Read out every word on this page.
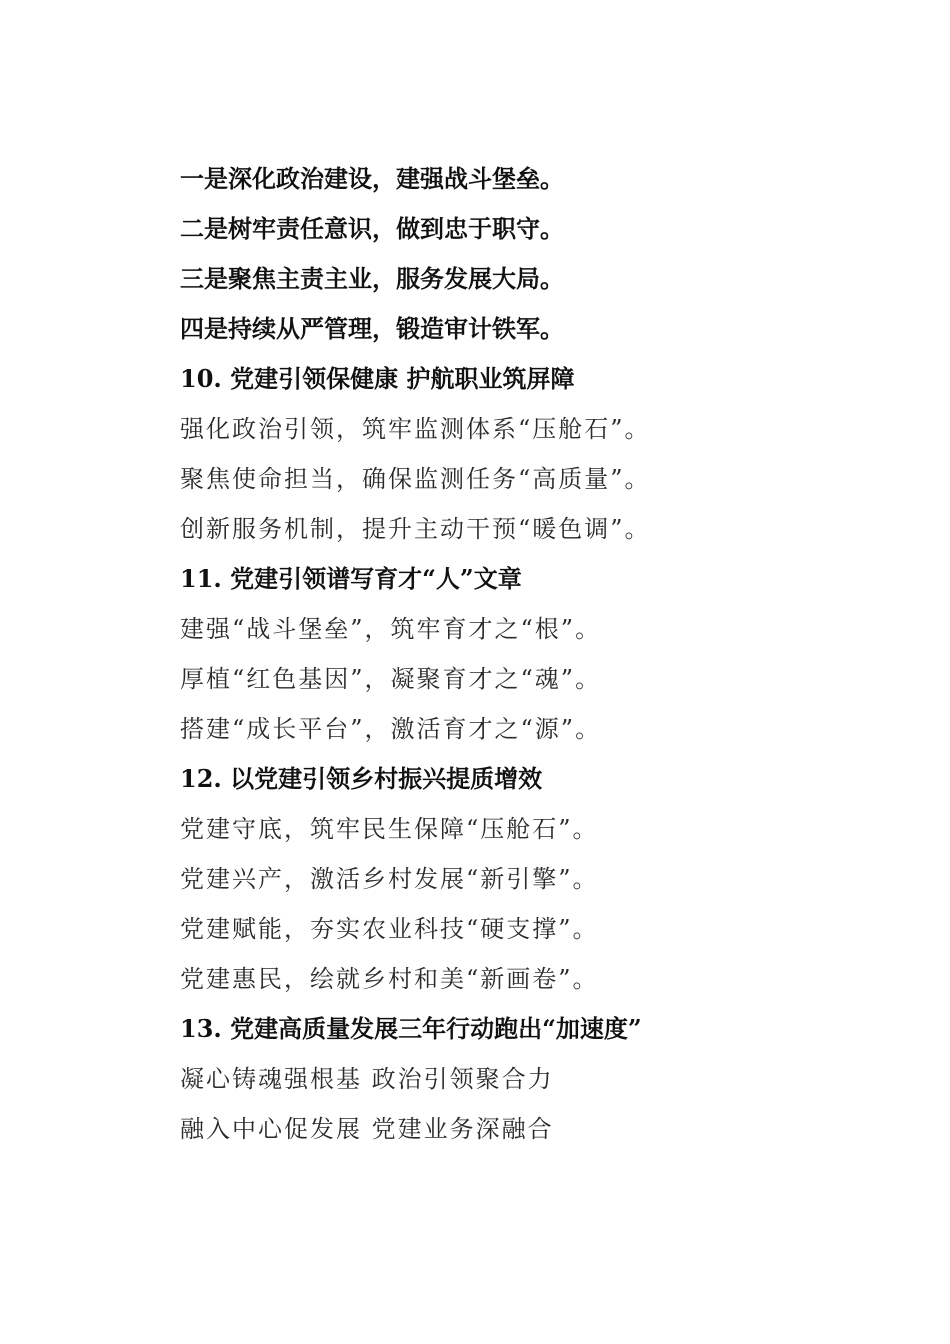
一是深化政治建设，建强战斗堡垒。
二是树牢责任意识，做到忠于职守。
三是聚焦主责主业，服务发展大局。
四是持续从严管理，锻造审计铁军。
10. 党建引领保健康 护航职业筑屏障
强化政治引领，筑牢监测体系“压舱石”。
聚焦使命担当，确保监测任务“高质量”。
创新服务机制，提升主动干预“暖色调”。
11. 党建引领谱写育才“人”文章
建强“战斗堡垒”，筑牢育才之“根”。
厚植“红色基因”，凝聚育才之“魂”。
搭建“成长平台”，激活育才之“源”。
12. 以党建引领乡村振兴提质增效
党建守底，筑牢民生保障“压舱石”。
党建兴产，激活乡村发展“新引擎”。
党建赋能，夯实农业科技“硬支撑”。
党建惠民，绘就乡村和美“新画卷”。
13. 党建高质量发展三年行动跑出“加速度”
凝心铸魂强根基 政治引领聚合力
融入中心促发展 党建业务深融合
